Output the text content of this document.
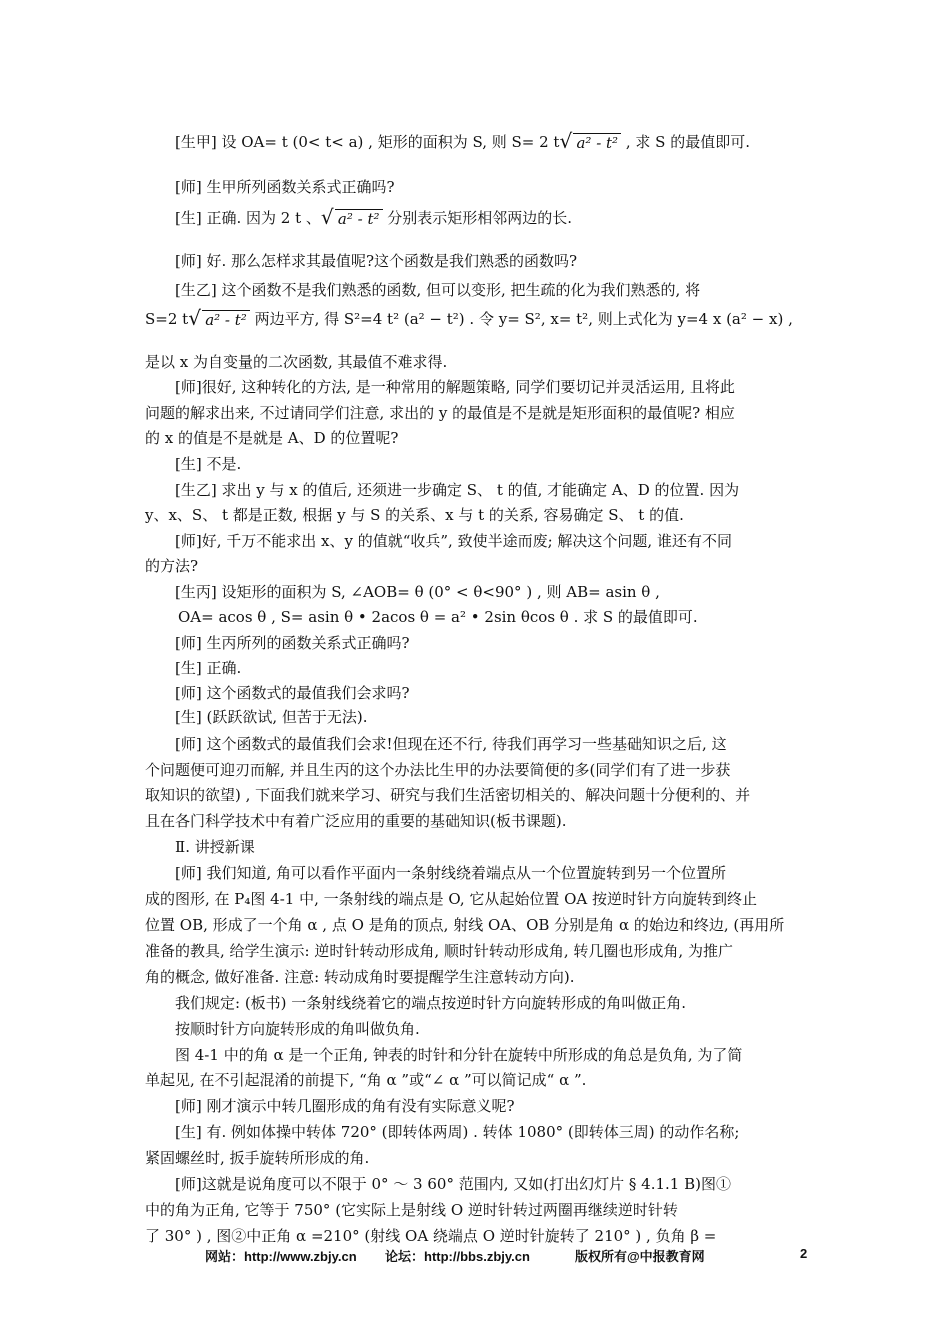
[生甲] 设 OA= t (0< t< a) , 矩形的面积为 S, 则 S= 2 t √ a² - t² , 求 S 的最值即可.
[师] 生甲所列函数关系式正确吗?
[生] 正确. 因为 2 t 、 √ a² - t² 分别表示矩形相邻两边的长.
[师] 好. 那么怎样求其最值呢?这个函数是我们熟悉的函数吗?
[生乙] 这个函数不是我们熟悉的函数, 但可以变形, 把生疏的化为我们熟悉的, 将
S=2 t √ a² - t² 两边平方, 得 S²=4 t² (a² − t²) . 令 y= S², x= t², 则上式化为 y=4 x (a² − x) ,
是以 x 为自变量的二次函数, 其最值不难求得.
[师]很好, 这种转化的方法, 是一种常用的解题策略, 同学们要切记并灵活运用, 且将此
问题的解求出来, 不过请同学们注意, 求出的 y 的最值是不是就是矩形面积的最值呢? 相应
的 x 的值是不是就是 A、D 的位置呢?
[生] 不是.
[生乙] 求出 y 与 x 的值后, 还须进一步确定 S、 t 的值, 才能确定 A、D 的位置. 因为
y、x、S、 t 都是正数, 根据 y 与 S 的关系、x 与 t 的关系, 容易确定 S、 t 的值.
[师]好, 千万不能求出 x、y 的值就“收兵”, 致使半途而废; 解决这个问题, 谁还有不同
的方法?
[生丙] 设矩形的面积为 S, ∠AOB= θ (0° < θ<90° ) , 则 AB= asin θ ,
OA= acos θ , S= asin θ • 2acos θ = a² • 2sin θcos θ . 求 S 的最值即可.
[师] 生丙所列的函数关系式正确吗?
[生] 正确.
[师] 这个函数式的最值我们会求吗?
[生] (跃跃欲试, 但苦于无法).
[师] 这个函数式的最值我们会求!但现在还不行, 待我们再学习一些基础知识之后, 这
个问题便可迎刃而解, 并且生丙的这个办法比生甲的办法要简便的多(同学们有了进一步获
取知识的欲望) , 下面我们就来学习、研究与我们生活密切相关的、解决问题十分便利的、并
且在各门科学技术中有着广泛应用的重要的基础知识(板书课题).
Ⅱ. 讲授新课
[师] 我们知道, 角可以看作平面内一条射线绕着端点从一个位置旋转到另一个位置所
成的图形, 在 P₄图 4-1 中, 一条射线的端点是 O, 它从起始位置 OA 按逆时针方向旋转到终止
位置 OB, 形成了一个角 α , 点 O 是角的顶点, 射线 OA、OB 分别是角 α 的始边和终边, (再用所
准备的教具, 给学生演示: 逆时针转动形成角, 顺时针转动形成角, 转几圈也形成角, 为推广
角的概念, 做好准备. 注意: 转动成角时要提醒学生注意转动方向).
我们规定: (板书) 一条射线绕着它的端点按逆时针方向旋转形成的角叫做正角.
按顺时针方向旋转形成的角叫做负角.
图 4-1 中的角 α 是一个正角, 钟表的时针和分针在旋转中所形成的角总是负角, 为了简
单起见, 在不引起混淆的前提下, “角 α ”或“∠ α ”可以简记成“ α ”.
[师] 刚才演示中转几圈形成的角有没有实际意义呢?
[生] 有. 例如体操中转体 720° (即转体两周) . 转体 1080° (即转体三周) 的动作名称;
紧固螺丝时, 扳手旋转所形成的角.
[师]这就是说角度可以不限于 0° ～ 3 60° 范围内, 又如(打出幻灯片 § 4.1.1 B)图①
中的角为正角, 它等于 750° (它实际上是射线 O 逆时针转过两圈再继续逆时针转
了 30° ) , 图②中正角 α =210° (射线 OA 绕端点 O 逆时针旋转了 210° ) , 负角 β =
网站：http://www.zbjy.cn 论坛：http://bbs.zbjy.cn	版权所有@中报教育网	2
